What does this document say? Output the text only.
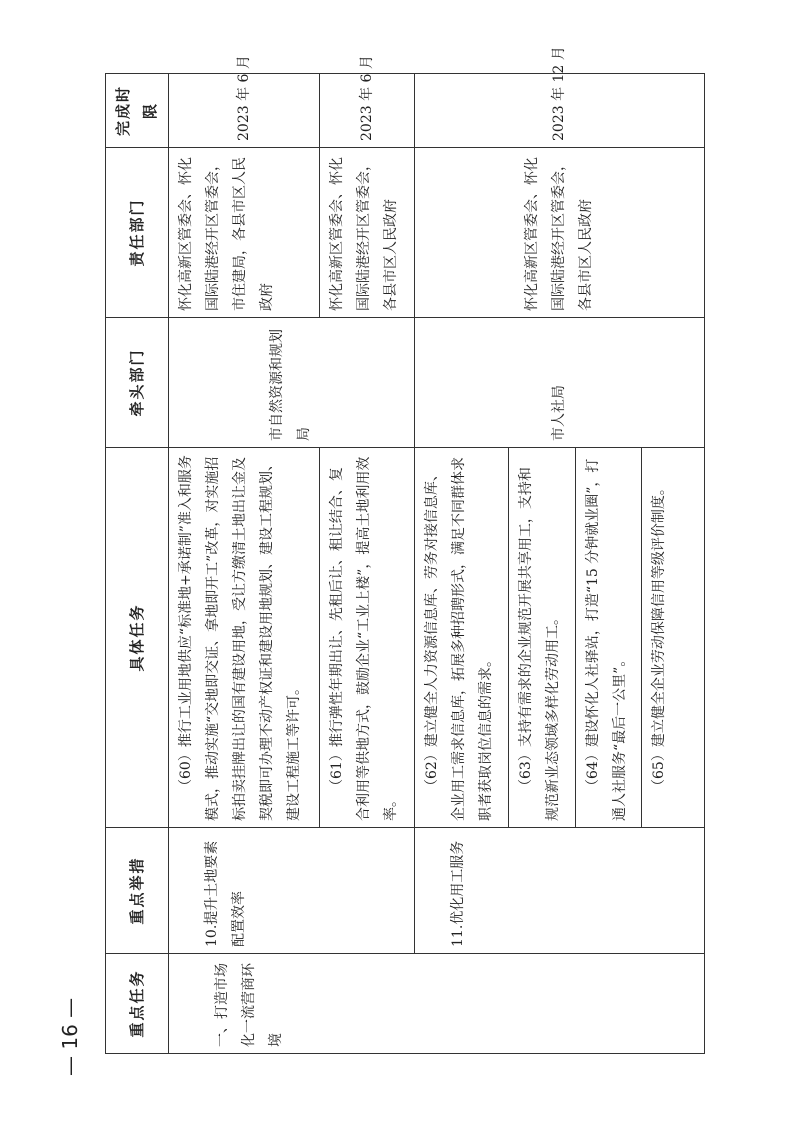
— 16 —	重点任务	重点举措	具体任务	牵头部门	责任部门	完成时限
一、打造市场化一流营商环境	10.提升土地要素配置效率	（60）推行工业用地供应“标准地+承诺制”准入和服务模式，推动实施“交地即交证、拿地即开工”改革，对实施招标拍卖挂牌出让的国有建设用地，受让方缴清土地出让金及契税即可办理不动产权证和建设用地规划、建设工程规划、建设工程施工等许可。	市自然资源和规划局	怀化高新区管委会、怀化国际陆港经开区管委会，市住建局，各县市区人民政府	2023 年 6 月
		（61）推行弹性年期出让、先租后让、租让结合、复合利用等供地方式，鼓励企业“工业上楼”，提高土地利用效率。		怀化高新区管委会、怀化国际陆港经开区管委会，各县市区人民政府	2023 年 6 月
	11.优化用工服务	（62）建立健全人力资源信息库、劳务对接信息库、企业用工需求信息库，拓展多种招聘形式，满足不同群体求职者获取岗位信息的需求。	市人社局	怀化高新区管委会、怀化国际陆港经开区管委会，各县市区人民政府	2023 年 12 月
		（63）支持有需求的企业规范开展共享用工，支持和规范新业态领域多样化劳动用工。			
		（64）建设怀化人社驿站，打造“15 分钟就业圈”，打通人社服务“最后一公里”。			
		（65）建立健全企业劳动保障信用等级评价制度。			
